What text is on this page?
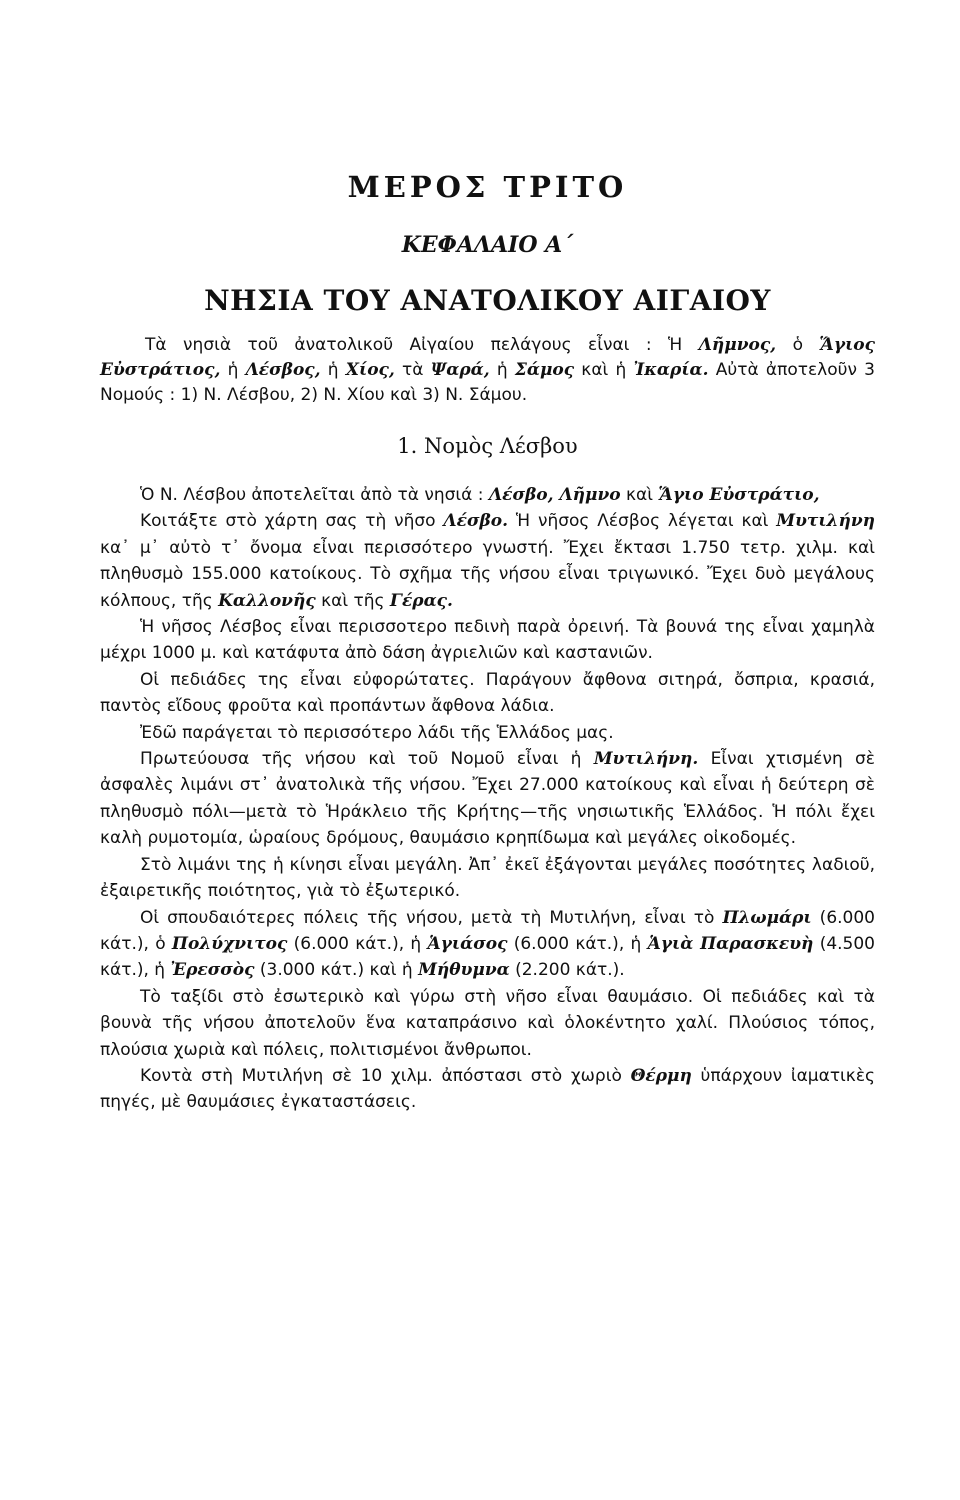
ΜΕΡΟΣ ΤΡΙΤΟ
ΚΕΦΑΛΑΙΟ Α΄
ΝΗΣΙΑ ΤΟΥ ΑΝΑΤΟΛΙΚΟΥ ΑΙΓΑΙΟΥ

Τὰ νησιὰ τοῦ ἀνατολικοῦ Αἰγαίου πελάγους εἶναι : Ἡ Λῆμνος, ὁ Ἅγιος Εὐστράτιος, ἡ Λέσβος, ἡ Χίος, τὰ Ψαρά, ἡ Σάμος καὶ ἡ Ἰκαρία. Αὐτὰ ἀποτελοῦν 3 Νομούς : 1) Ν. Λέσβου, 2) Ν. Χίου καὶ 3) Ν. Σάμου.

1. Νομὸς Λέσβου

Ὁ Ν. Λέσβου ἀποτελεῖται ἀπὸ τὰ νησιά : Λέσβο, Λῆμνο καὶ Ἅγιο Εὐστράτιο,

Κοιτάξτε στὸ χάρτη σας τὴ νῆσο Λέσβο. Ἡ νῆσος Λέσβος λέγεται καὶ Μυτιλήνη κα᾿ μ᾿ αὐτὸ τ᾿ ὄνομα εἶναι περισσότερο γνωστή. Ἔχει ἔκτασι 1.750 τετρ. χιλμ. καὶ πληθυσμὸ 155.000 κατοίκους. Τὸ σχῆμα τῆς νήσου εἶναι τριγωνικό. Ἔχει δυὸ μεγάλους κόλπους, τῆς Καλλονῆς καὶ τῆς Γέρας.

Ἡ νῆσος Λέσβος εἶναι περισσοτερο πεδινὴ παρὰ ὀρεινή. Τὰ βουνά της εἶναι χαμηλὰ μέχρι 1000 μ. καὶ κατάφυτα ἀπὸ δάση ἀγριελιῶν καὶ καστανιῶν.

Οἱ πεδιάδες της εἶναι εὐφορώτατες. Παράγουν ἄφθονα σιτηρά, ὄσπρια, κρασιά, παντὸς εἴδους φροῦτα καὶ προπάντων ἄφθονα λάδια.

Ἐδῶ παράγεται τὸ περισσότερο λάδι τῆς Ἑλλάδος μας.

Πρωτεύουσα τῆς νήσου καὶ τοῦ Νομοῦ εἶναι ἡ Μυτιλήνη. Εἶναι χτισμένη σὲ ἀσφαλὲς λιμάνι στ᾿ ἀνατολικὰ τῆς νήσου. Ἔχει 27.000 κατοίκους καὶ εἶναι ἡ δεύτερη σὲ πληθυσμὸ πόλι—μετὰ τὸ Ἡράκλειο τῆς Κρήτης—τῆς νησιωτικῆς Ἑλλάδος. Ἡ πόλι ἔχει καλὴ ρυμοτομία, ὡραίους δρόμους, θαυμάσιο κρηπίδωμα καὶ μεγάλες οἰκοδομές.

Στὸ λιμάνι της ἡ κίνησι εἶναι μεγάλη. Ἀπ᾿ ἐκεῖ ἐξάγονται μεγάλες ποσότητες λαδιοῦ, ἐξαιρετικῆς ποιότητος, γιὰ τὸ ἐξωτερικό.

Οἱ σπουδαιότερες πόλεις τῆς νήσου, μετὰ τὴ Μυτιλήνη, εἶναι τὸ Πλωμάρι (6.000 κάτ.), ὁ Πολύχνιτος (6.000 κάτ.), ἡ Ἁγιάσος (6.000 κάτ.), ἡ Ἁγιὰ Παρασκευὴ (4.500 κάτ.), ἡ Ἐρεσσὸς (3.000 κάτ.) καὶ ἡ Μήθυμνα (2.200 κάτ.).

Τὸ ταξίδι στὸ ἐσωτερικὸ καὶ γύρω στὴ νῆσο εἶναι θαυμάσιο. Οἱ πεδιάδες καὶ τὰ βουνὰ τῆς νήσου ἀποτελοῦν ἕνα καταπράσινο καὶ ὁλοκέντητο χαλί. Πλούσιος τόπος, πλούσια χωριὰ καὶ πόλεις, πολιτισμένοι ἄνθρωποι.

Κοντὰ στὴ Μυτιλήνη σὲ 10 χιλμ. ἀπόστασι στὸ χωριὸ Θέρμη ὑπάρχουν ἰαματικὲς πηγές, μὲ θαυμάσιες ἐγκαταστάσεις.
